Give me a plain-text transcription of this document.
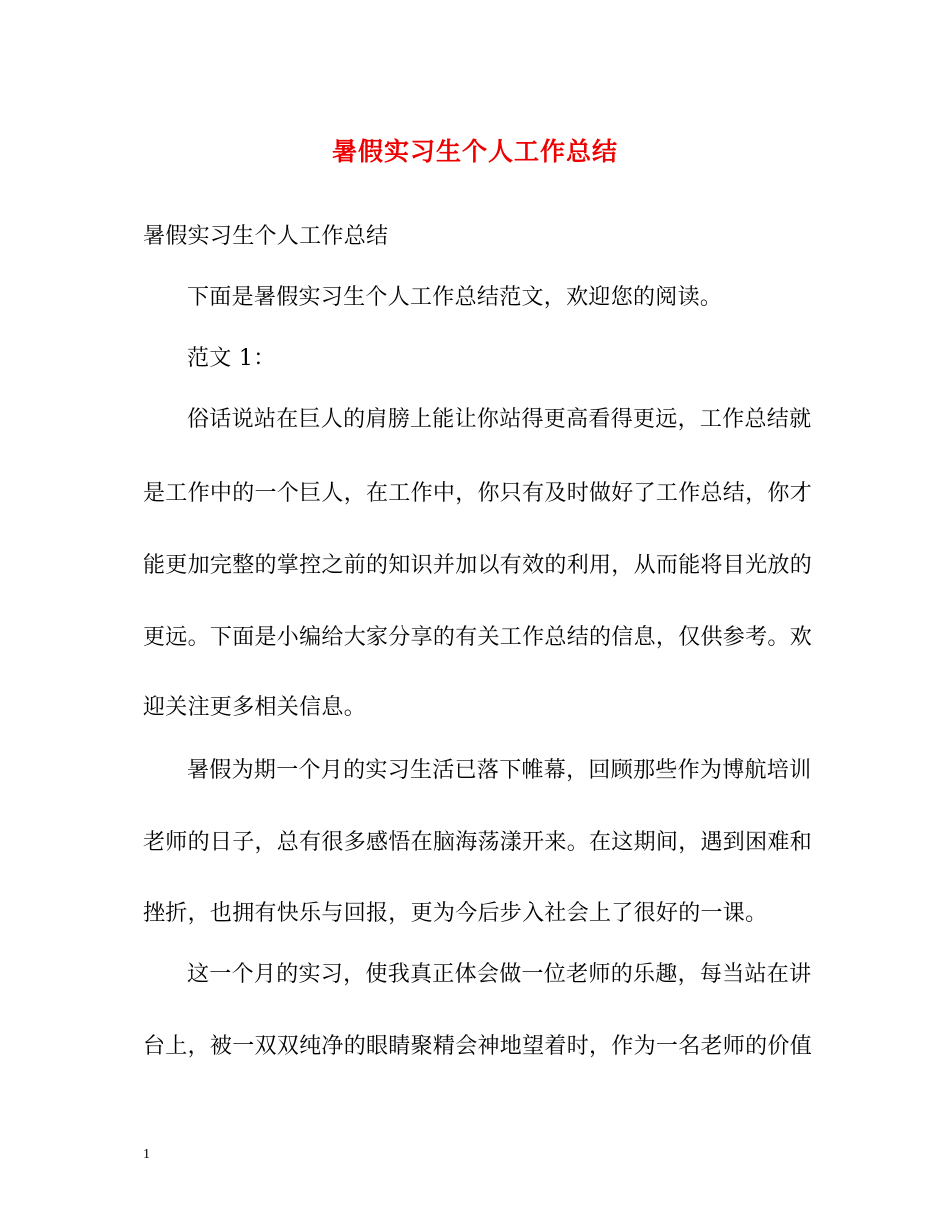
暑假实习生个人工作总结
暑假实习生个人工作总结
下面是暑假实习生个人工作总结范文，欢迎您的阅读。
范文 1：
俗话说站在巨人的肩膀上能让你站得更高看得更远，工作总结就
是工作中的一个巨人，在工作中，你只有及时做好了工作总结，你才
能更加完整的掌控之前的知识并加以有效的利用，从而能将目光放的
更远。下面是小编给大家分享的有关工作总结的信息，仅供参考。欢
迎关注更多相关信息。
暑假为期一个月的实习生活已落下帷幕，回顾那些作为博航培训
老师的日子，总有很多感悟在脑海荡漾开来。在这期间，遇到困难和
挫折，也拥有快乐与回报，更为今后步入社会上了很好的一课。
这一个月的实习，使我真正体会做一位老师的乐趣，每当站在讲
台上，被一双双纯净的眼睛聚精会神地望着时，作为一名老师的价值
1
